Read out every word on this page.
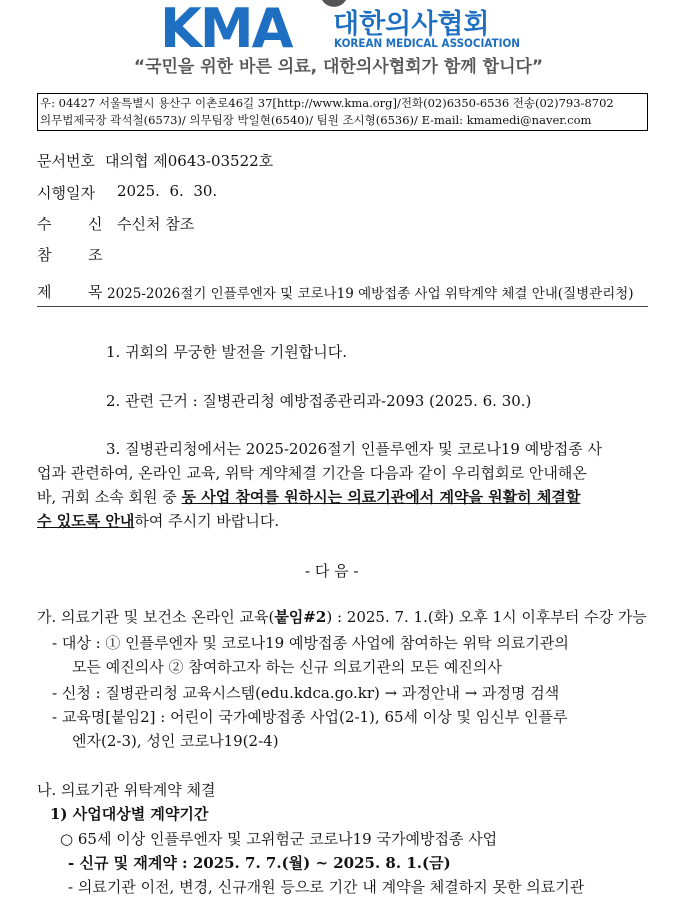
KMA 대한의사협회
KOREAN MEDICAL ASSOCIATION
“국민을 위한 바른 의료, 대한의사협회가 함께 합니다”
우: 04427 서울특별시 용산구 이촌로46길 37[http://www.kma.org]/전화(02)6350-6536 전송(02)793-8702
의무법제국장 곽석철(6573)/ 의무팀장 박일현(6540)/ 팀원 조시형(6536)/ E-mail: kmamedi@naver.com
문서번호 대의협 제0643-03522호
시행일자 2025.  6.  30.
수 신 수신처 참조
참 조
제 목 2025-2026절기 인플루엔자 및 코로나19 예방접종 사업 위탁계약 체결 안내(질병관리청)
1. 귀회의 무궁한 발전을 기원합니다.
2. 관련 근거 : 질병관리청 예방접종관리과-2093 (2025. 6. 30.)
3. 질병관리청에서는 2025-2026절기 인플루엔자 및 코로나19 예방접종 사
업과 관련하여, 온라인 교육, 위탁 계약체결 기간을 다음과 같이 우리협회로 안내해온
바, 귀회 소속 회원 중 동 사업 참여를 원하시는 의료기관에서 계약을 원활히 체결할
수 있도록 안내하여 주시기 바랍니다.
- 다 음 -
가. 의료기관 및 보건소 온라인 교육(붙임#2) : 2025. 7. 1.(화) 오후 1시 이후부터 수강 가능
- 대상 : ① 인플루엔자 및 코로나19 예방접종 사업에 참여하는 위탁 의료기관의
모든 예진의사 ② 참여하고자 하는 신규 의료기관의 모든 예진의사
- 신청 : 질병관리청 교육시스템(edu.kdca.go.kr) → 과정안내 → 과정명 검색
- 교육명[붙임2] : 어린이 국가예방접종 사업(2-1), 65세 이상 및 임신부 인플루
엔자(2-3), 성인 코로나19(2-4)
나. 의료기관 위탁계약 체결
1) 사업대상별 계약기간
○ 65세 이상 인플루엔자 및 고위험군 코로나19 국가예방접종 사업
- 신규 및 재계약 : 2025. 7. 7.(월) ~ 2025. 8. 1.(금)
- 의료기관 이전, 변경, 신규개원 등으로 기간 내 계약을 체결하지 못한 의료기관
